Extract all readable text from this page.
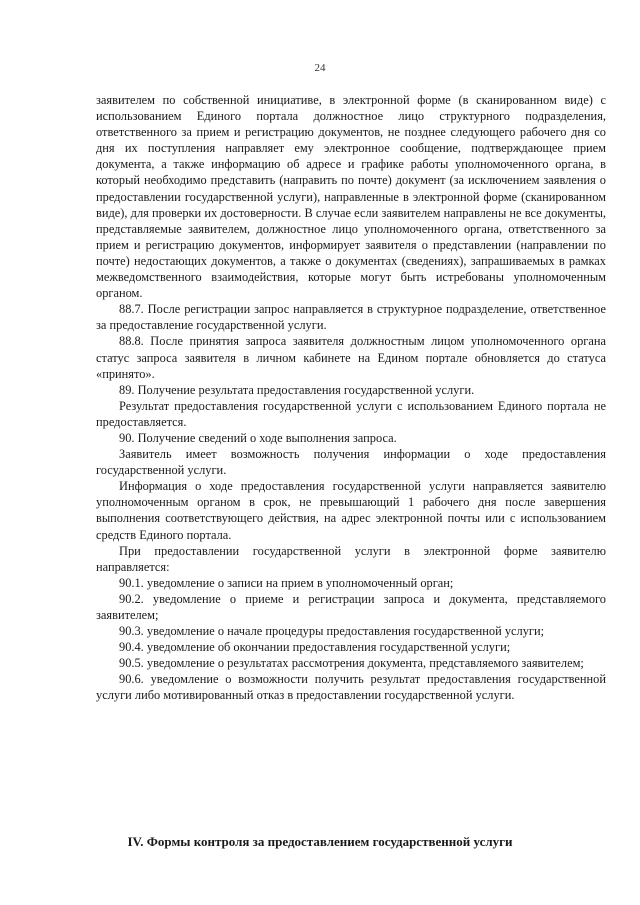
24

заявителем по собственной инициативе, в электронной форме (в сканированном виде) с использованием Единого портала должностное лицо структурного подразделения, ответственного за прием и регистрацию документов, не позднее следующего рабочего дня со дня их поступления направляет ему электронное сообщение, подтверждающее прием документа, а также информацию об адресе и графике работы уполномоченного органа, в который необходимо представить (направить по почте) документ (за исключением заявления о предоставлении государственной услуги), направленные в электронной форме (сканированном виде), для проверки их достоверности. В случае если заявителем направлены не все документы, представляемые заявителем, должностное лицо уполномоченного органа, ответственного за прием и регистрацию документов, информирует заявителя о представлении (направлении по почте) недостающих документов, а также о документах (сведениях), запрашиваемых в рамках межведомственного взаимодействия, которые могут быть истребованы уполномоченным органом.

88.7. После регистрации запрос направляется в структурное подразделение, ответственное за предоставление государственной услуги.

88.8. После принятия запроса заявителя должностным лицом уполномоченного органа статус запроса заявителя в личном кабинете на Едином портале обновляется до статуса «принято».

89. Получение результата предоставления государственной услуги.

Результат предоставления государственной услуги с использованием Единого портала не предоставляется.

90. Получение сведений о ходе выполнения запроса.

Заявитель имеет возможность получения информации о ходе предоставления государственной услуги.

Информация о ходе предоставления государственной услуги направляется заявителю уполномоченным органом в срок, не превышающий 1 рабочего дня после завершения выполнения соответствующего действия, на адрес электронной почты или с использованием средств Единого портала.

При предоставлении государственной услуги в электронной форме заявителю направляется:

90.1. уведомление о записи на прием в уполномоченный орган;

90.2. уведомление о приеме и регистрации запроса и документа, представляемого заявителем;

90.3. уведомление о начале процедуры предоставления государственной услуги;

90.4. уведомление об окончании предоставления государственной услуги;

90.5. уведомление о результатах рассмотрения документа, представляемого заявителем;

90.6. уведомление о возможности получить результат предоставления государственной услуги либо мотивированный отказ в предоставлении государственной услуги.

IV. Формы контроля за предоставлением государственной услуги
